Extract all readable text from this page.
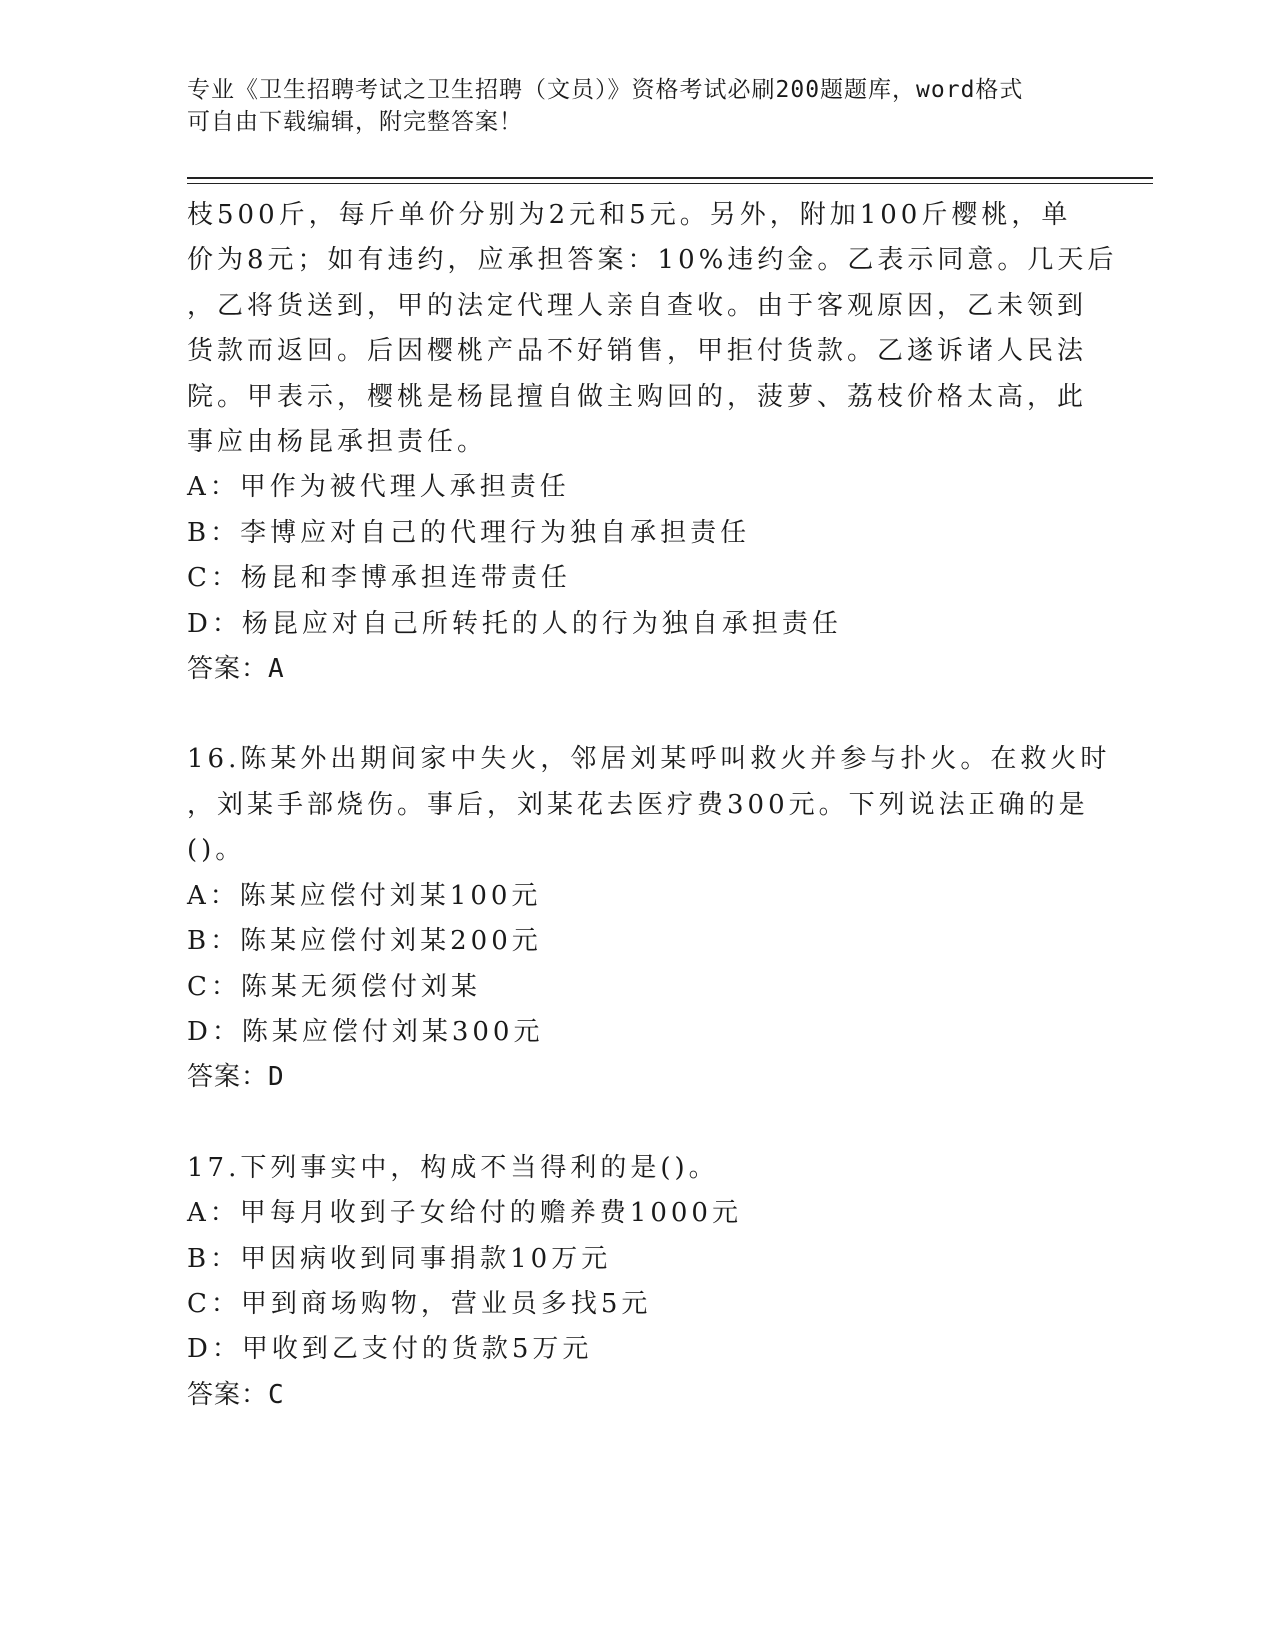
专业《卫生招聘考试之卫生招聘（文员）》资格考试必刷200题题库，word格式
可自由下载编辑，附完整答案！
枝500斤，每斤单价分别为2元和5元。另外，附加100斤樱桃，单
价为8元；如有违约，应承担答案：10%违约金。乙表示同意。几天后
，乙将货送到，甲的法定代理人亲自查收。由于客观原因，乙未领到
货款而返回。后因樱桃产品不好销售，甲拒付货款。乙遂诉诸人民法
院。甲表示，樱桃是杨昆擅自做主购回的，菠萝、荔枝价格太高，此
事应由杨昆承担责任。
A：甲作为被代理人承担责任
B：李博应对自己的代理行为独自承担责任
C：杨昆和李博承担连带责任
D：杨昆应对自己所转托的人的行为独自承担责任
答案：A
16.陈某外出期间家中失火，邻居刘某呼叫救火并参与扑火。在救火时
，刘某手部烧伤。事后，刘某花去医疗费300元。下列说法正确的是
()。
A：陈某应偿付刘某100元
B：陈某应偿付刘某200元
C：陈某无须偿付刘某
D：陈某应偿付刘某300元
答案：D
17.下列事实中，构成不当得利的是()。
A：甲每月收到子女给付的赡养费1000元
B：甲因病收到同事捐款10万元
C：甲到商场购物，营业员多找5元
D：甲收到乙支付的货款5万元
答案：C
